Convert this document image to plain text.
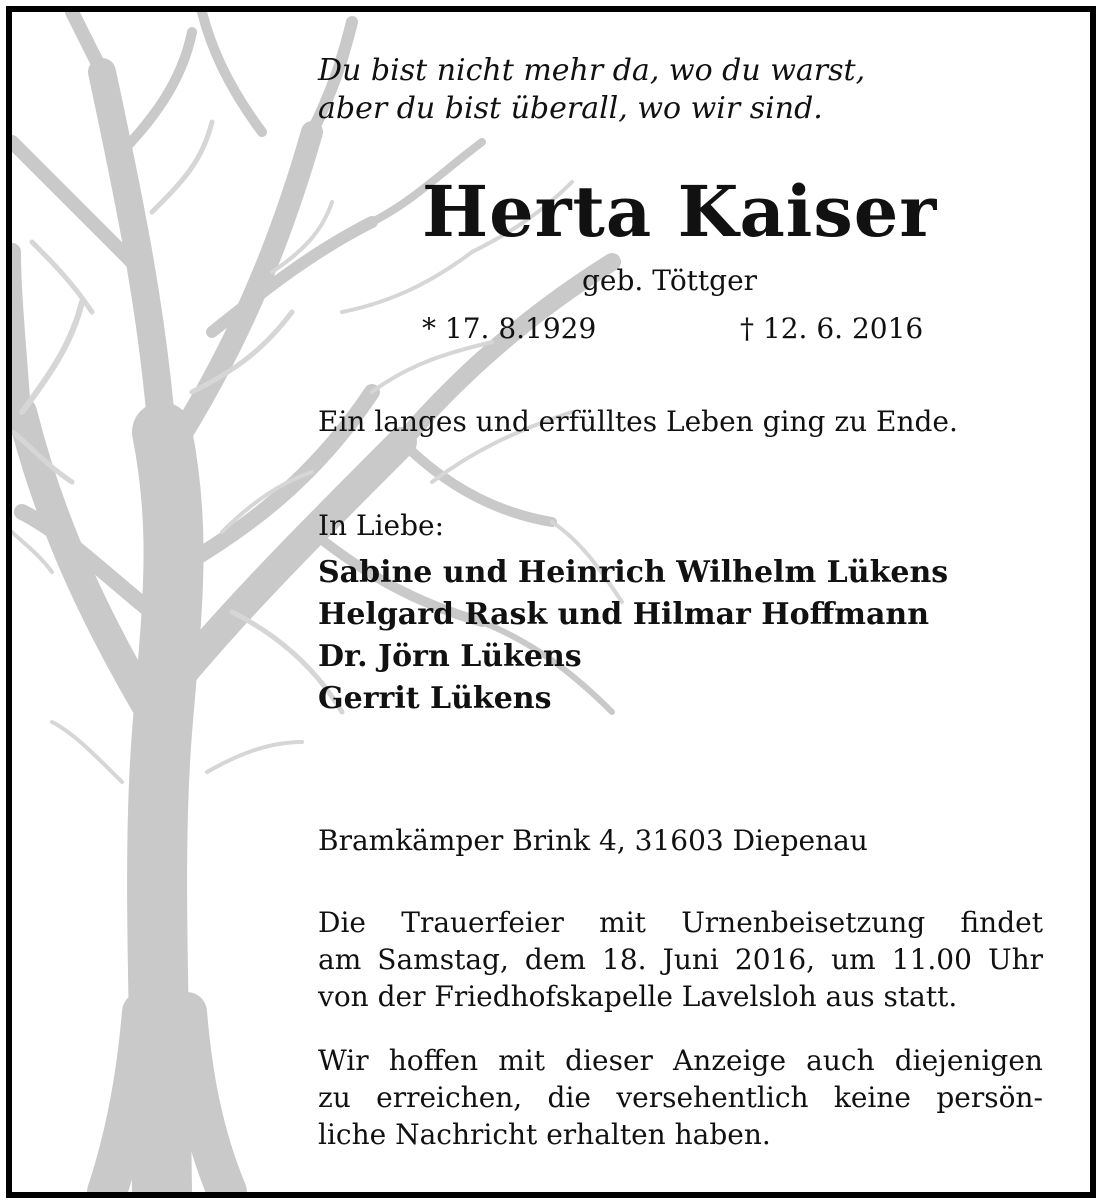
Du bist nicht mehr da, wo du warst,
aber du bist überall, wo wir sind.
Herta Kaiser
geb. Töttger
* 17. 8.1929	† 12. 6. 2016
Ein langes und erfülltes Leben ging zu Ende.
In Liebe:
Sabine und Heinrich Wilhelm Lükens
Helgard Rask und Hilmar Hoffmann
Dr. Jörn Lükens
Gerrit Lükens
Bramkämper Brink 4, 31603 Diepenau
Die Trauerfeier mit Urnenbeisetzung findet
am Samstag, dem 18. Juni 2016, um 11.00 Uhr
von der Friedhofskapelle Lavelsloh aus statt.
Wir hoffen mit dieser Anzeige auch diejenigen
zu erreichen, die versehentlich keine persön-
liche Nachricht erhalten haben.
